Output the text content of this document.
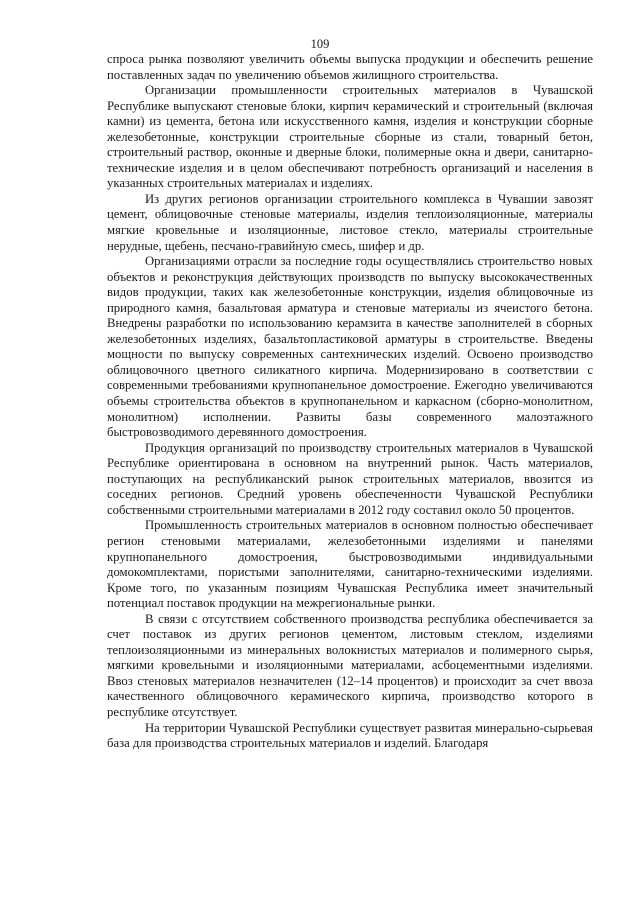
109

спроса рынка позволяют увеличить объемы выпуска продукции и обеспечить решение поставленных задач по увеличению объемов жилищного строительства.

Организации промышленности строительных материалов в Чувашской Республике выпускают стеновые блоки, кирпич керамический и строительный (включая камни) из цемента, бетона или искусственного камня, изделия и конструкции сборные железобетонные, конструкции строительные сборные из стали, товарный бетон, строительный раствор, оконные и дверные блоки, полимерные окна и двери, санитарно-технические изделия и в целом обеспечивают потребность организаций и населения в указанных строительных материалах и изделиях.

Из других регионов организации строительного комплекса в Чувашии завозят цемент, облицовочные стеновые материалы, изделия теплоизоляционные, материалы мягкие кровельные и изоляционные, листовое стекло, материалы строительные нерудные, щебень, песчано-гравийную смесь, шифер и др.

Организациями отрасли за последние годы осуществлялись строительство новых объектов и реконструкция действующих производств по выпуску высококачественных видов продукции, таких как железобетонные конструкции, изделия облицовочные из природного камня, базальтовая арматура и стеновые материалы из ячеистого бетона. Внедрены разработки по использованию керамзита в качестве заполнителей в сборных железобетонных изделиях, базальтопластиковой арматуры в строительстве. Введены мощности по выпуску современных сантехнических изделий. Освоено производство облицовочного цветного силикатного кирпича. Модернизировано в соответствии с современными требованиями крупнопанельное домостроение. Ежегодно увеличиваются объемы строительства объектов в крупнопанельном и каркасном (сборно-монолитном, монолитном) исполнении. Развиты базы современного малоэтажного быстровозводимого деревянного домостроения.

Продукция организаций по производству строительных материалов в Чувашской Республике ориентирована в основном на внутренний рынок. Часть материалов, поступающих на республиканский рынок строительных материалов, ввозится из соседних регионов. Средний уровень обеспеченности Чувашской Республики собственными строительными материалами в 2012 году составил около 50 процентов.

Промышленность строительных материалов в основном полностью обеспечивает регион стеновыми материалами, железобетонными изделиями и панелями крупнопанельного домостроения, быстровозводимыми индивидуальными домокомплектами, пористыми заполнителями, санитарно-техническими изделиями. Кроме того, по указанным позициям Чувашская Республика имеет значительный потенциал поставок продукции на межрегиональные рынки.

В связи с отсутствием собственного производства республика обеспечивается за счет поставок из других регионов цементом, листовым стеклом, изделиями теплоизоляционными из минеральных волокнистых материалов и полимерного сырья, мягкими кровельными и изоляционными материалами, асбоцементными изделиями. Ввоз стеновых материалов незначителен (12–14 процентов) и происходит за счет ввоза качественного облицовочного керамического кирпича, производство которого в республике отсутствует.

На территории Чувашской Республики существует развитая минерально-сырьевая база для производства строительных материалов и изделий. Благодаря
